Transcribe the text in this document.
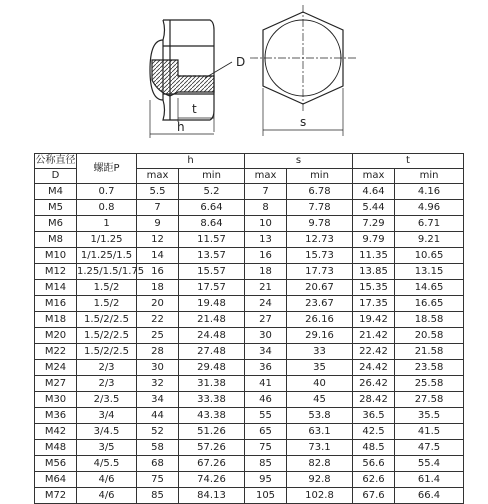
D
t
h	s
公称直径	螺距P	h		s		t	
D		max	min	max	min	max	min
M4	0.7	5.5	5.2	7	6.78	4.64	4.16
M5	0.8	7	6.64	8	7.78	5.44	4.96
M6	1	9	8.64	10	9.78	7.29	6.71
M8	1/1.25	12	11.57	13	12.73	9.79	9.21
M10	1/1.25/1.5	14	13.57	16	15.73	11.35	10.65
M12	1.25/1.5/1.75	16	15.57	18	17.73	13.85	13.15
M14	1.5/2	18	17.57	21	20.67	15.35	14.65
M16	1.5/2	20	19.48	24	23.67	17.35	16.65
M18	1.5/2/2.5	22	21.48	27	26.16	19.42	18.58
M20	1.5/2/2.5	25	24.48	30	29.16	21.42	20.58
M22	1.5/2/2.5	28	27.48	34	33	22.42	21.58
M24	2/3	30	29.48	36	35	24.42	23.58
M27	2/3	32	31.38	41	40	26.42	25.58
M30	2/3.5	34	33.38	46	45	28.42	27.58
M36	3/4	44	43.38	55	53.8	36.5	35.5
M42	3/4.5	52	51.26	65	63.1	42.5	41.5
M48	3/5	58	57.26	75	73.1	48.5	47.5
M56	4/5.5	68	67.26	85	82.8	56.6	55.4
M64	4/6	75	74.26	95	92.8	62.6	61.4
M72	4/6	85	84.13	105	102.8	67.6	66.4
